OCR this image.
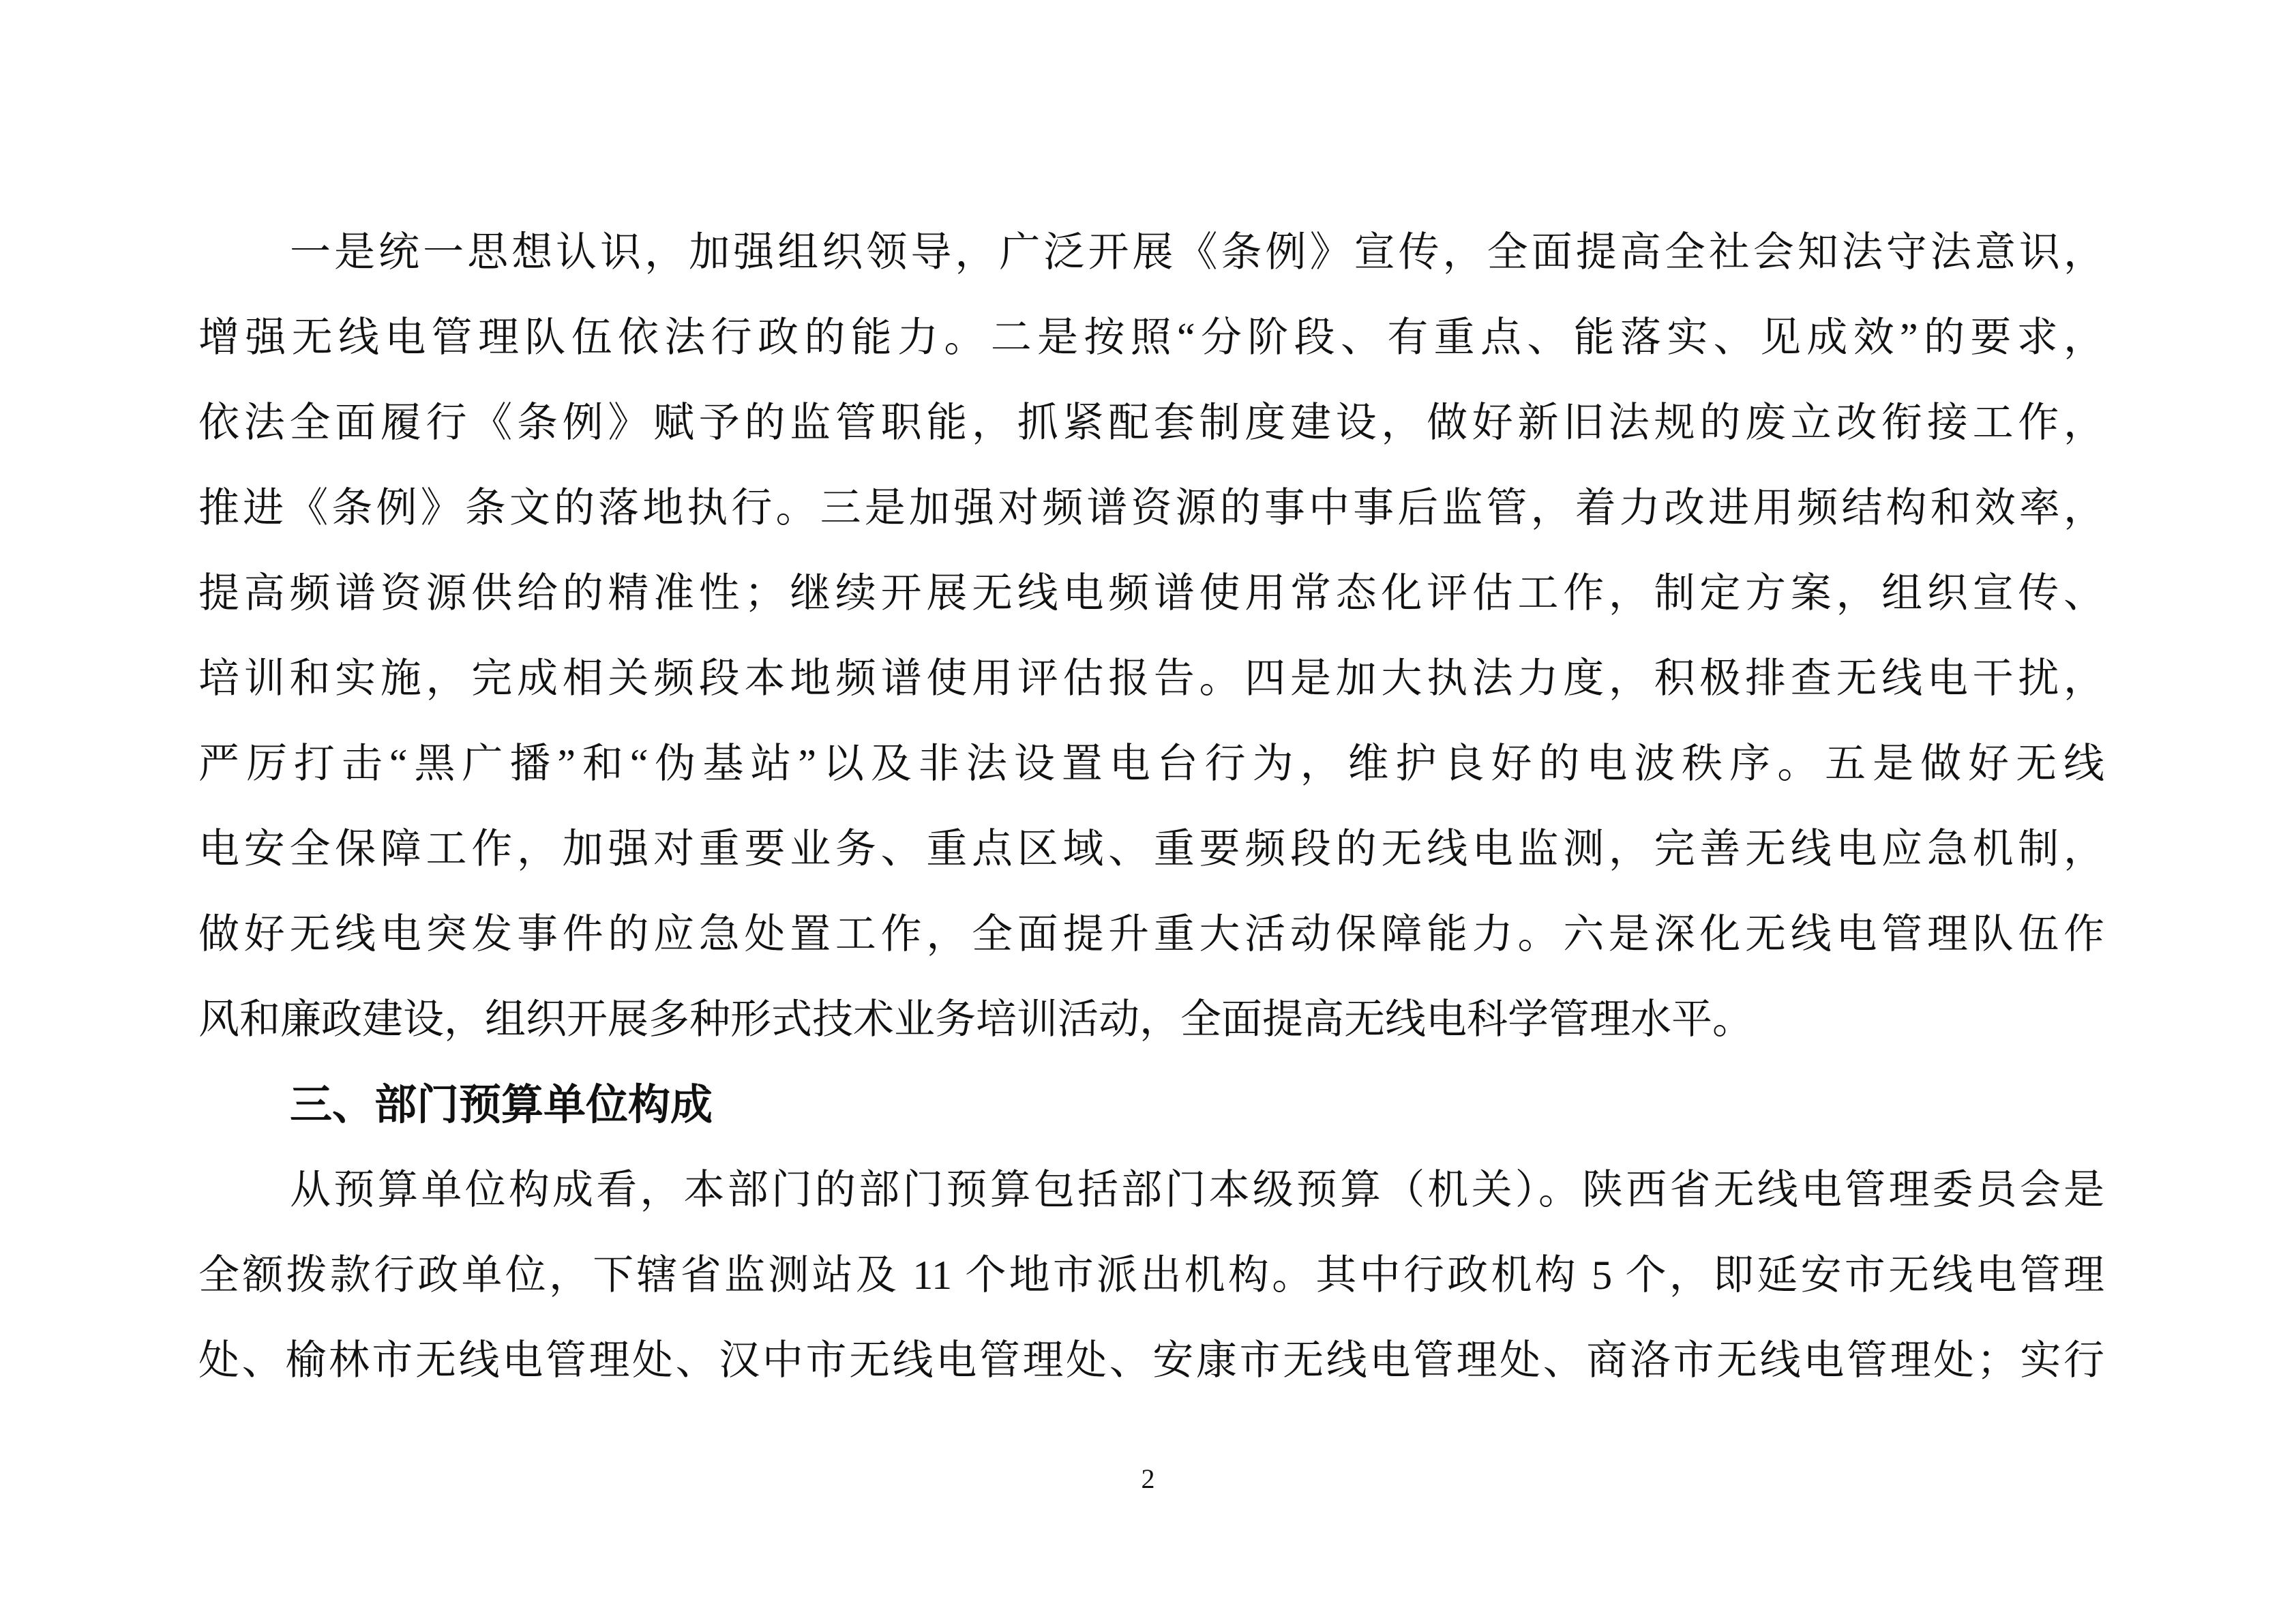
一是统一思想认识，加强组织领导，广泛开展《条例》宣传，全面提高全社会知法守法意识，
增强无线电管理队伍依法行政的能力。二是按照“分阶段、有重点、能落实、见成效”的要求，
依法全面履行《条例》赋予的监管职能，抓紧配套制度建设，做好新旧法规的废立改衔接工作，
推进《条例》条文的落地执行。三是加强对频谱资源的事中事后监管，着力改进用频结构和效率，
提高频谱资源供给的精准性；继续开展无线电频谱使用常态化评估工作，制定方案，组织宣传、
培训和实施，完成相关频段本地频谱使用评估报告。四是加大执法力度，积极排查无线电干扰，
严厉打击“黑广播”和“伪基站”以及非法设置电台行为，维护良好的电波秩序。五是做好无线
电安全保障工作，加强对重要业务、重点区域、重要频段的无线电监测，完善无线电应急机制，
做好无线电突发事件的应急处置工作，全面提升重大活动保障能力。六是深化无线电管理队伍作
风和廉政建设，组织开展多种形式技术业务培训活动，全面提高无线电科学管理水平。
三、部门预算单位构成
从预算单位构成看，本部门的部门预算包括部门本级预算（机关）。陕西省无线电管理委员会是
全额拨款行政单位，下辖省监测站及 11 个地市派出机构。其中行政机构 5 个，即延安市无线电管理
处、榆林市无线电管理处、汉中市无线电管理处、安康市无线电管理处、商洛市无线电管理处；实行
2
